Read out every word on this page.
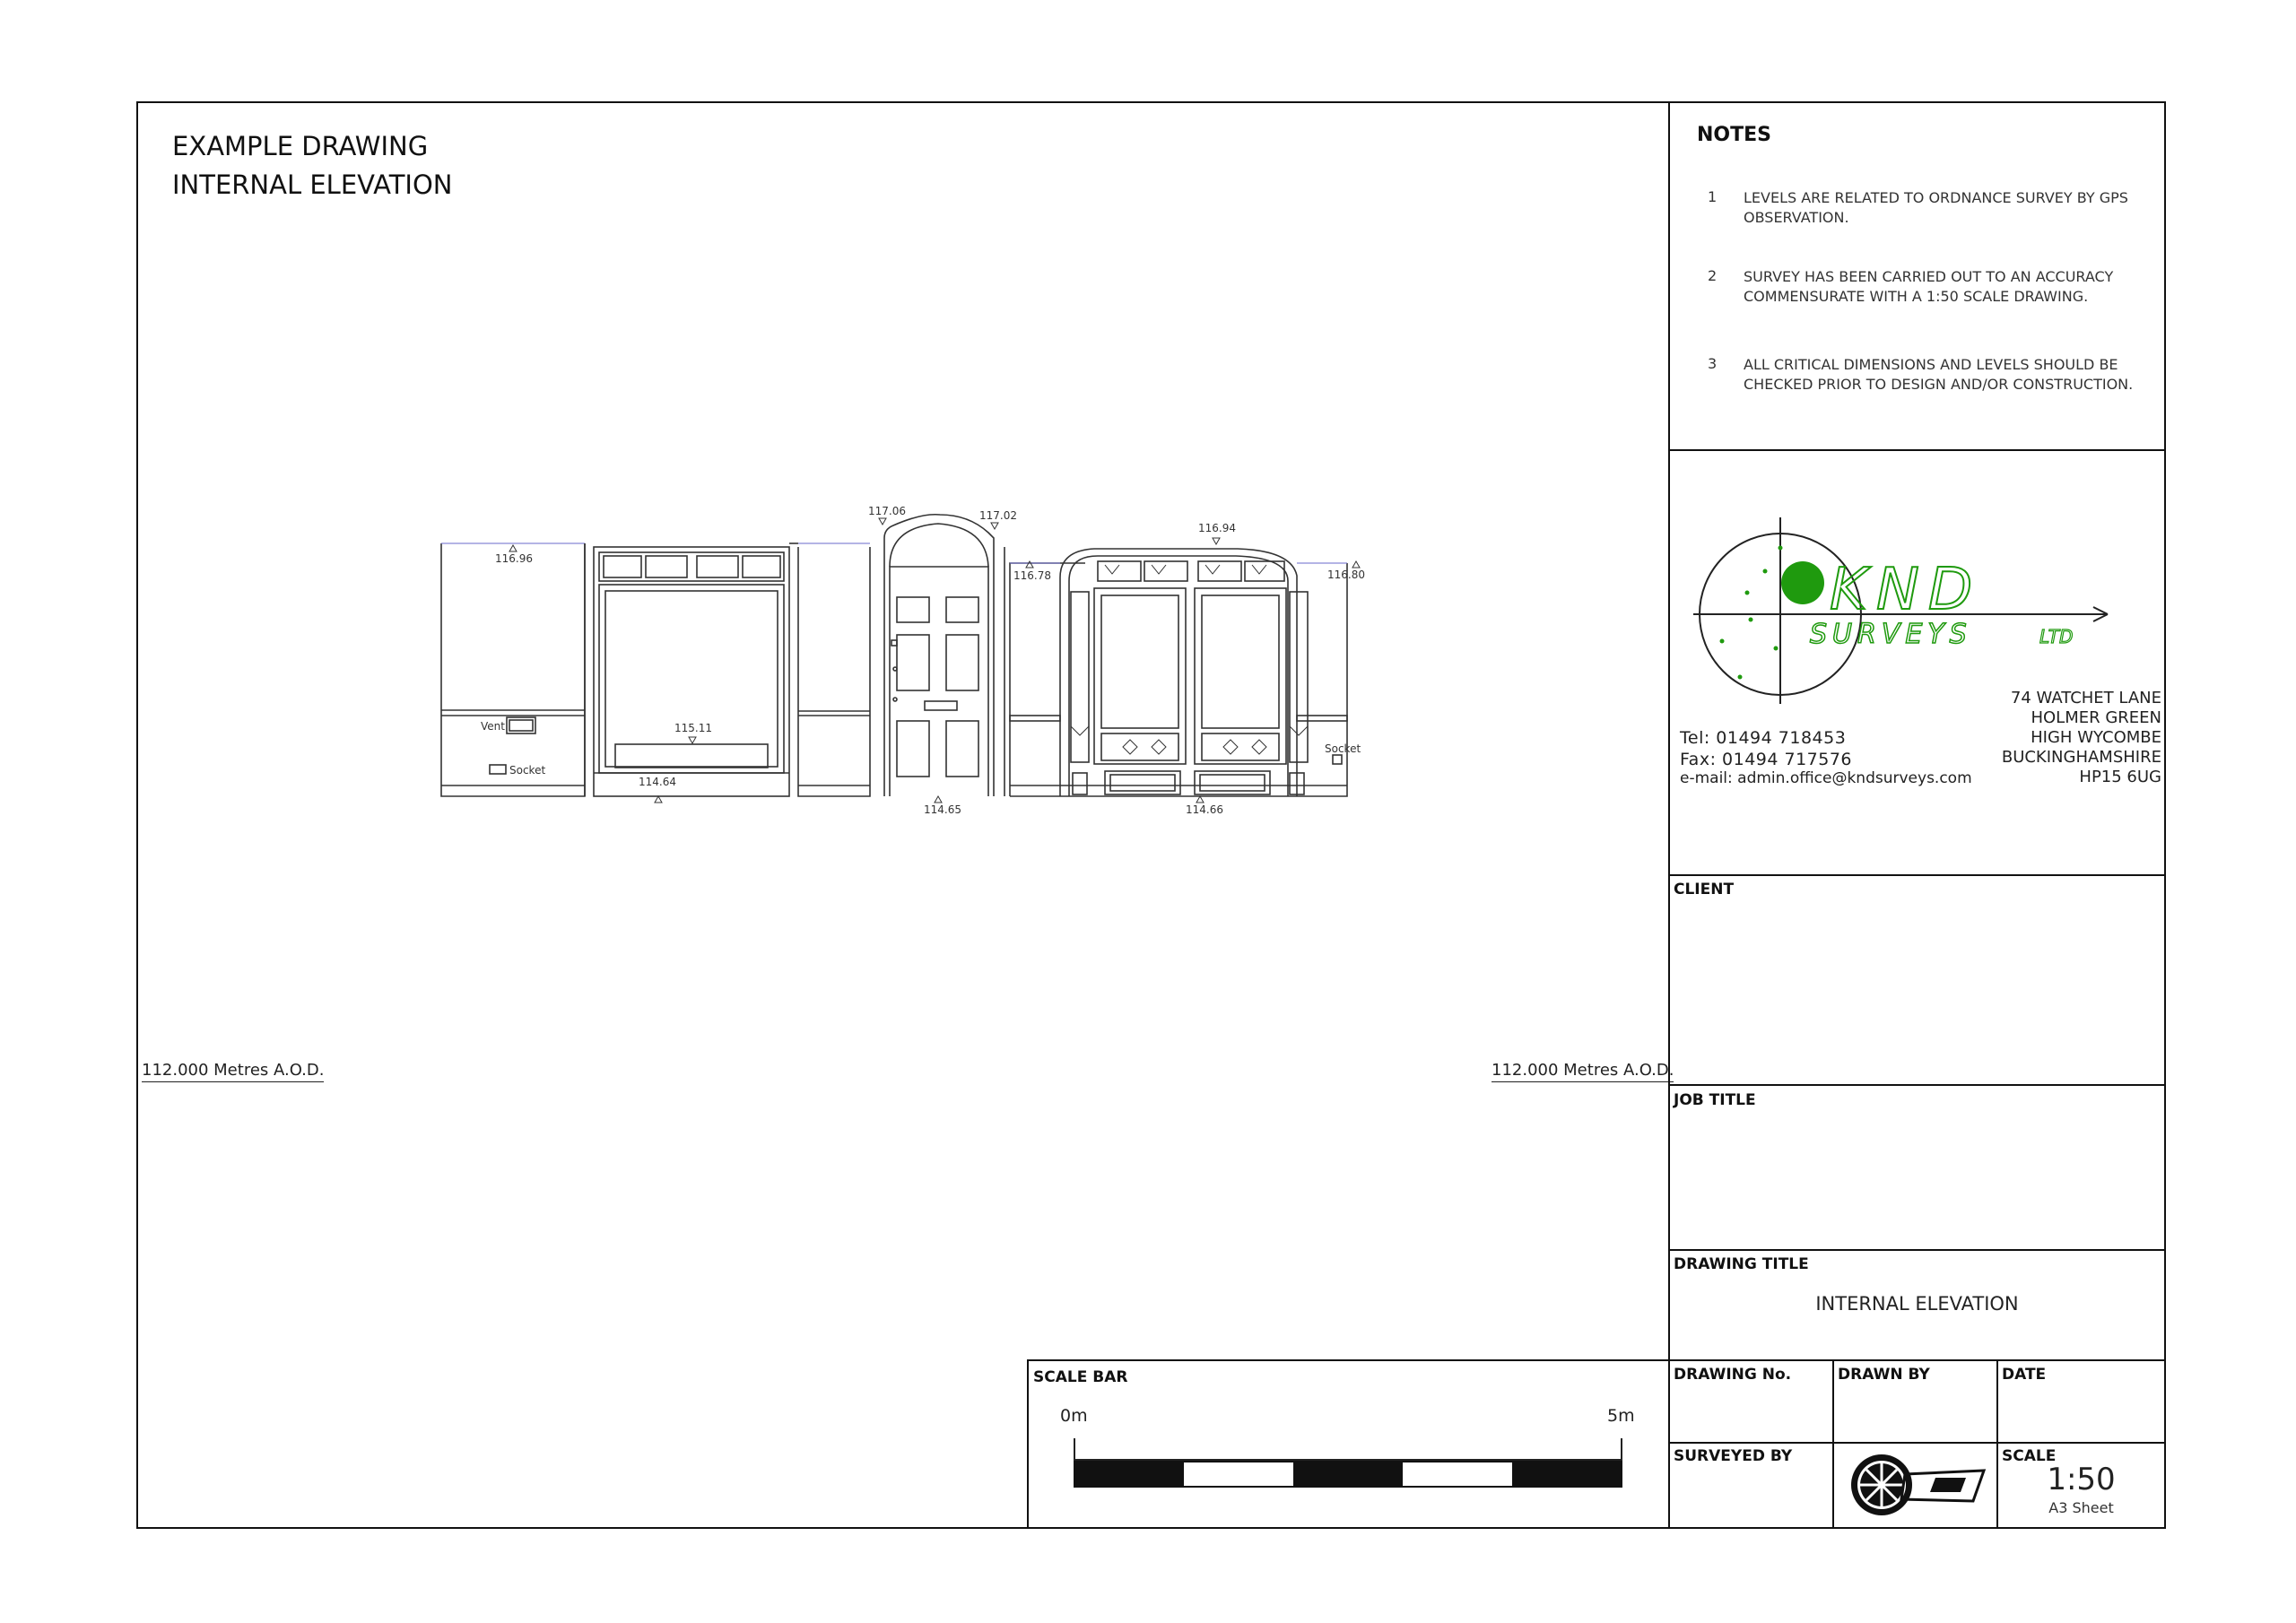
EXAMPLE DRAWING
INTERNAL ELEVATION
112.000 Metres A.O.D.	112.000 Metres A.O.D.
116.96
115.11
114.64
117.06	117.02
114.65
116.78
116.94
116.80
114.66
Vent
Socket
Socket
NOTES
1 LEVELS ARE RELATED TO ORDNANCE SURVEY BY GPS OBSERVATION.
2 SURVEY HAS BEEN CARRIED OUT TO AN ACCURACY COMMENSURATE WITH A 1:50 SCALE DRAWING.
3 ALL CRITICAL DIMENSIONS AND LEVELS SHOULD BE CHECKED PRIOR TO DESIGN AND/OR CONSTRUCTION.
KND
SURVEYS	LTD
Tel: 01494 718453
Fax: 01494 717576
e-mail: admin.office@kndsurveys.com
74 WATCHET LANE
HOLMER GREEN
HIGH WYCOMBE
BUCKINGHAMSHIRE
HP15 6UG
CLIENT
JOB TITLE
DRAWING TITLE
INTERNAL ELEVATION
DRAWING No.	DRAWN BY	DATE
SURVEYED BY	SCALE
1:50
A3 Sheet
SCALE BAR
0m	5m
